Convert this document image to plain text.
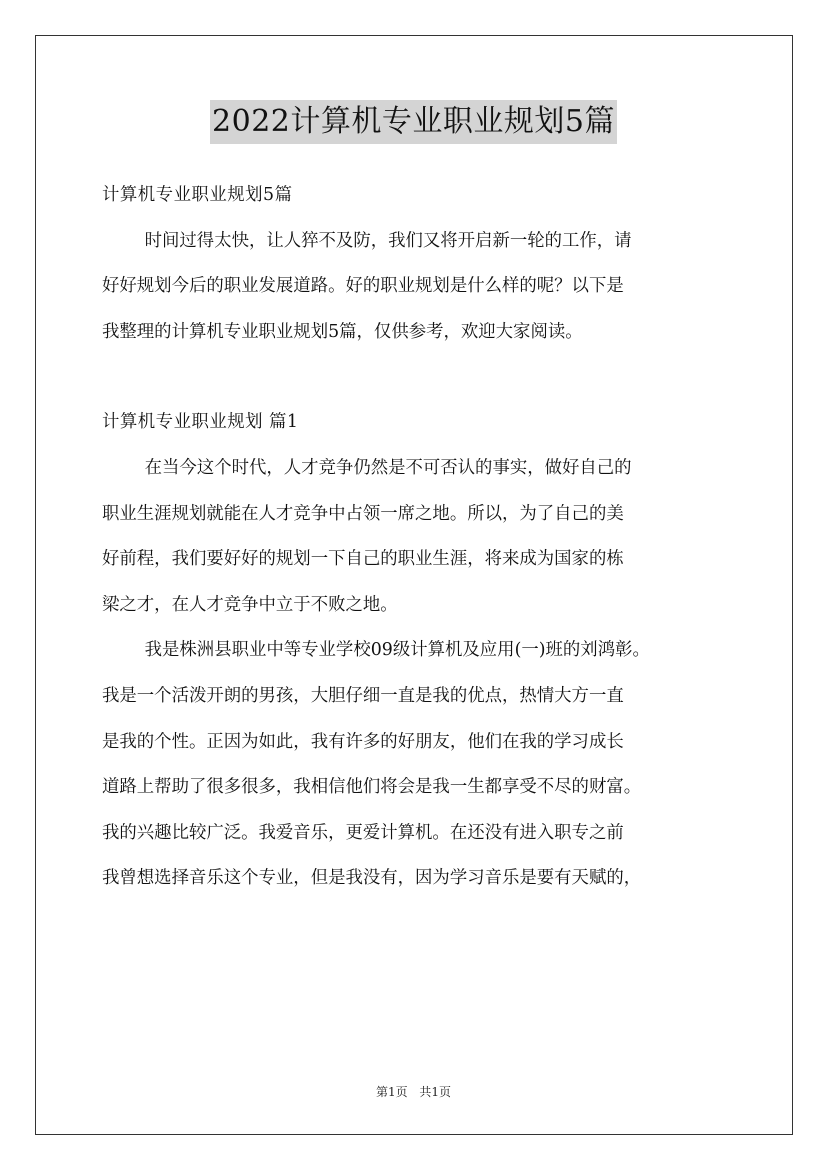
2022计算机专业职业规划5篇

计算机专业职业规划5篇

时间过得太快，让人猝不及防，我们又将开启新一轮的工作，请
好好规划今后的职业发展道路。好的职业规划是什么样的呢？以下是
我整理的计算机专业职业规划5篇，仅供参考，欢迎大家阅读。

计算机专业职业规划 篇1

在当今这个时代，人才竞争仍然是不可否认的事实，做好自己的
职业生涯规划就能在人才竞争中占领一席之地。所以，为了自己的美
好前程，我们要好好的规划一下自己的职业生涯，将来成为国家的栋
梁之才，在人才竞争中立于不败之地。

我是株洲县职业中等专业学校09级计算机及应用(一)班的刘鸿彰。
我是一个活泼开朗的男孩，大胆仔细一直是我的优点，热情大方一直
是我的个性。正因为如此，我有许多的好朋友，他们在我的学习成长
道路上帮助了很多很多，我相信他们将会是我一生都享受不尽的财富。
我的兴趣比较广泛。我爱音乐，更爱计算机。在还没有进入职专之前
我曾想选择音乐这个专业，但是我没有，因为学习音乐是要有天赋的，

第1页 共1页
